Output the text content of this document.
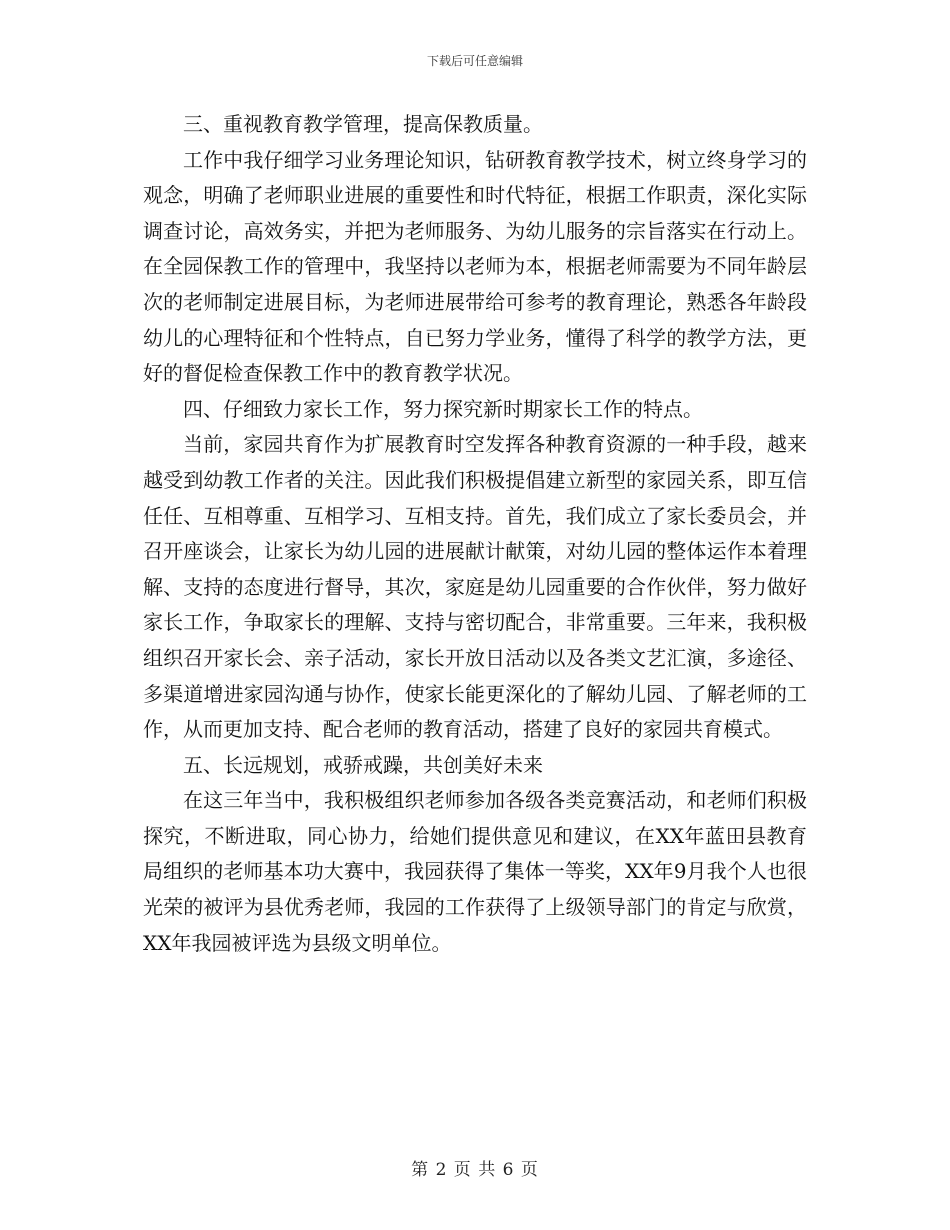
下载后可任意编辑

三、重视教育教学管理，提高保教质量。

工作中我仔细学习业务理论知识，钻研教育教学技术，树立终身学习的观念，明确了老师职业进展的重要性和时代特征，根据工作职责，深化实际调查讨论，高效务实，并把为老师服务、为幼儿服务的宗旨落实在行动上。在全园保教工作的管理中，我坚持以老师为本，根据老师需要为不同年龄层次的老师制定进展目标，为老师进展带给可参考的教育理论，熟悉各年龄段幼儿的心理特征和个性特点，自已努力学业务，懂得了科学的教学方法，更好的督促检查保教工作中的教育教学状况。

四、仔细致力家长工作，努力探究新时期家长工作的特点。

当前，家园共育作为扩展教育时空发挥各种教育资源的一种手段，越来越受到幼教工作者的关注。因此我们积极提倡建立新型的家园关系，即互信任任、互相尊重、互相学习、互相支持。首先，我们成立了家长委员会，并召开座谈会，让家长为幼儿园的进展献计献策，对幼儿园的整体运作本着理解、支持的态度进行督导，其次，家庭是幼儿园重要的合作伙伴，努力做好家长工作，争取家长的理解、支持与密切配合，非常重要。三年来，我积极组织召开家长会、亲子活动，家长开放日活动以及各类文艺汇演，多途径、多渠道增进家园沟通与协作，使家长能更深化的了解幼儿园、了解老师的工作，从而更加支持、配合老师的教育活动，搭建了良好的家园共育模式。

五、长远规划，戒骄戒躁，共创美好未来

在这三年当中，我积极组织老师参加各级各类竞赛活动，和老师们积极探究，不断进取，同心协力，给她们提供意见和建议，在XX年蓝田县教育局组织的老师基本功大赛中，我园获得了集体一等奖，XX年9月我个人也很光荣的被评为县优秀老师，我园的工作获得了上级领导部门的肯定与欣赏，XX年我园被评选为县级文明单位。

第 2 页 共 6 页
